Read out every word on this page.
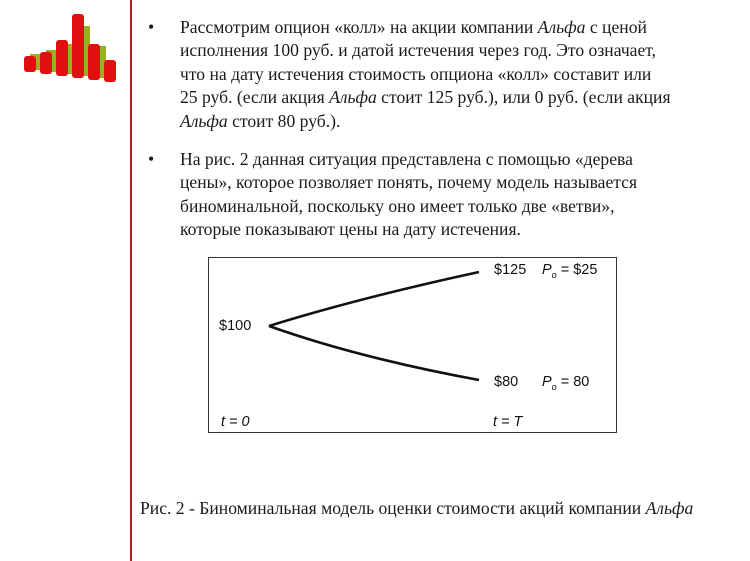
•	Рассмотрим опцион «колл» на акции компании Альфа с ценой
исполнения 100 руб. и датой истечения через год. Это означает,
что на дату истечения стоимость опциона «колл» составит или
25 руб. (если акция Альфа стоит 125 руб.), или 0 руб. (если акция
Альфа стоит 80 руб.).
•	На рис. 2 данная ситуация представлена с помощью «дерева
цены», которое позволяет понять, почему модель называется
биноминальной, поскольку оно имеет только две «ветви»,
которые показывают цены на дату истечения.
$100
$125 $P_o$ = $25
$80 $P_o = 80$
t = 0	t = T
Рис. 2 - Биноминальная модель оценки стоимости акций компании Альфа
